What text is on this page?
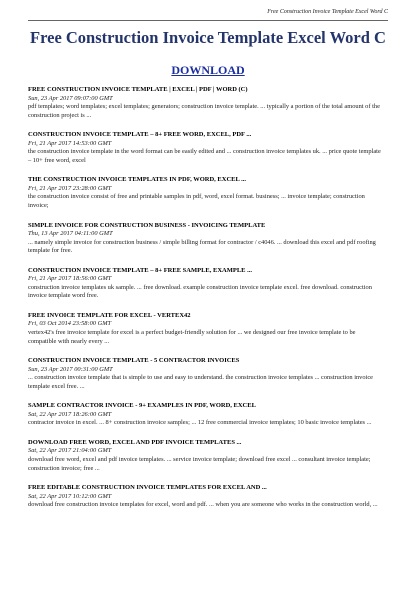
Free Construction Invoice Template Excel Word C
Free Construction Invoice Template Excel Word C
DOWNLOAD
FREE CONSTRUCTION INVOICE TEMPLATE | EXCEL | PDF | WORD (C)
Sun, 23 Apr 2017 09:07:00 GMT
pdf templates; word templates; excel templates; generators; construction invoice template. ... typically a portion of the total amount of the construction project is ...
CONSTRUCTION INVOICE TEMPLATE – 8+ FREE WORD, EXCEL, PDF ...
Fri, 21 Apr 2017 14:53:00 GMT
the construction invoice template in the word format can be easily edited and ... construction invoice templates uk. ... price quote template – 10+ free word, excel
THE CONSTRUCTION INVOICE TEMPLATES IN PDF, WORD, EXCEL ...
Fri, 21 Apr 2017 23:28:00 GMT
the construction invoice consist of free and printable samples in pdf, word, excel format. business; ... invoice template; construction invoice;
SIMPLE INVOICE FOR CONSTRUCTION BUSINESS - INVOICING TEMPLATE
Thu, 13 Apr 2017 04:11:00 GMT
... namely simple invoice for construction business / simple billing format for contractor / c4046. ... download this excel and pdf roofing template for free.
CONSTRUCTION INVOICE TEMPLATE – 8+ FREE SAMPLE, EXAMPLE ...
Fri, 21 Apr 2017 18:56:00 GMT
construction invoice templates uk sample. ... free download. example construction invoice template excel. free download. construction invoice template word free.
FREE INVOICE TEMPLATE FOR EXCEL - VERTEX42
Fri, 03 Oct 2014 23:58:00 GMT
vertex42's free invoice template for excel is a perfect budget-friendly solution for ... we designed our free invoice template to be compatible with nearly every ...
CONSTRUCTION INVOICE TEMPLATE - 5 CONTRACTOR INVOICES
Sun, 23 Apr 2017 00:31:00 GMT
... construction invoice template that is simple to use and easy to understand. the construction invoice templates ... construction invoice template excel free. ...
SAMPLE CONTRACTOR INVOICE - 9+ EXAMPLES IN PDF, WORD, EXCEL
Sat, 22 Apr 2017 18:26:00 GMT
contractor invoice in excel. ... 8+ construction invoice samples; ... 12 free commercial invoice templates; 10 basic invoice templates ...
DOWNLOAD FREE WORD, EXCEL AND PDF INVOICE TEMPLATES ...
Sat, 22 Apr 2017 21:04:00 GMT
download free word, excel and pdf invoice templates. ... service invoice template; download free excel ... consultant invoice template; construction invoice; free ...
FREE EDITABLE CONSTRUCTION INVOICE TEMPLATES FOR EXCEL AND ...
Sat, 22 Apr 2017 10:12:00 GMT
download free construction invoice templates for excel, word and pdf. ... when you are someone who works in the construction world, ...
